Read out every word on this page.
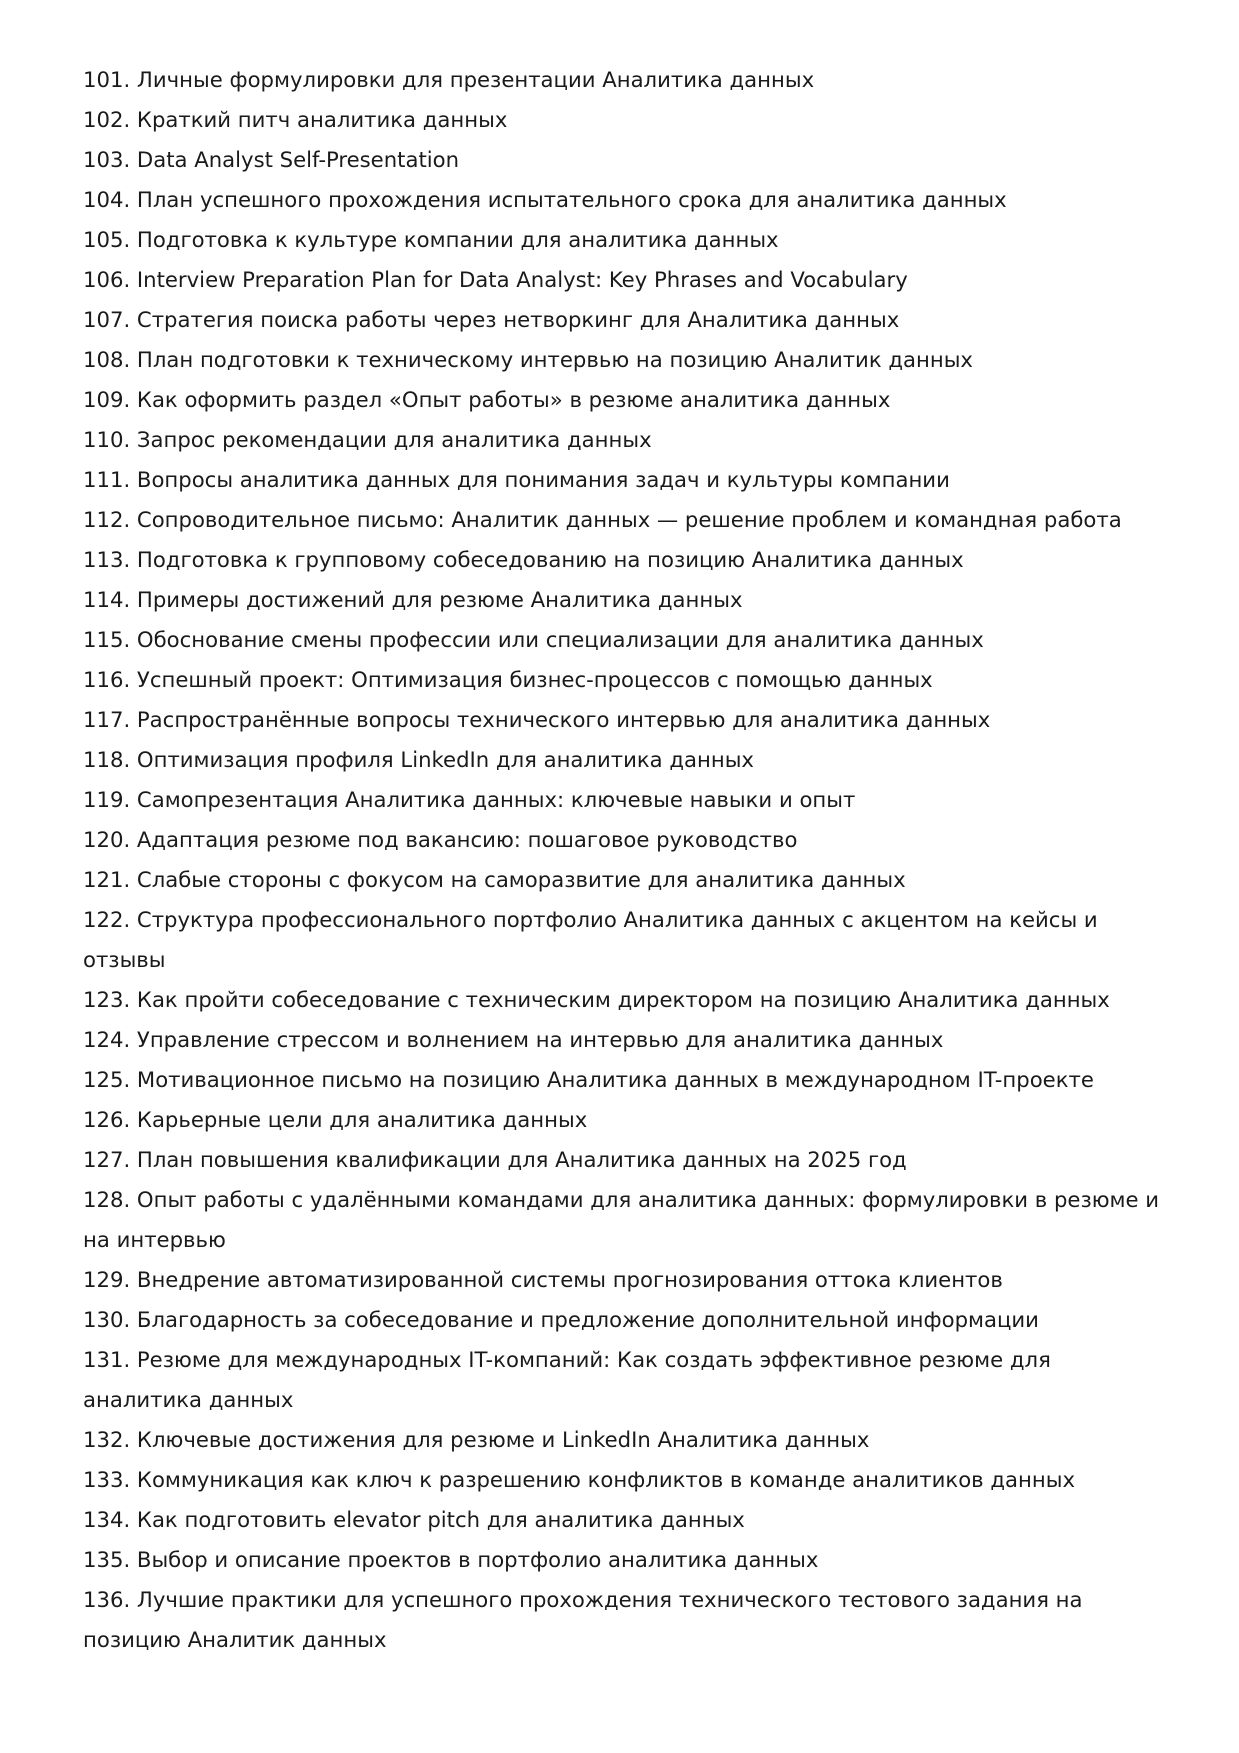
101. Личные формулировки для презентации Аналитика данных

102. Краткий питч аналитика данных

103. Data Analyst Self-Presentation

104. План успешного прохождения испытательного срока для аналитика данных

105. Подготовка к культуре компании для аналитика данных

106. Interview Preparation Plan for Data Analyst: Key Phrases and Vocabulary

107. Стратегия поиска работы через нетворкинг для Аналитика данных

108. План подготовки к техническому интервью на позицию Аналитик данных

109. Как оформить раздел «Опыт работы» в резюме аналитика данных

110. Запрос рекомендации для аналитика данных

111. Вопросы аналитика данных для понимания задач и культуры компании

112. Сопроводительное письмо: Аналитик данных — решение проблем и командная работа

113. Подготовка к групповому собеседованию на позицию Аналитика данных

114. Примеры достижений для резюме Аналитика данных

115. Обоснование смены профессии или специализации для аналитика данных

116. Успешный проект: Оптимизация бизнес-процессов с помощью данных

117. Распространённые вопросы технического интервью для аналитика данных

118. Оптимизация профиля LinkedIn для аналитика данных

119. Самопрезентация Аналитика данных: ключевые навыки и опыт

120. Адаптация резюме под вакансию: пошаговое руководство

121. Слабые стороны с фокусом на саморазвитие для аналитика данных

122. Структура профессионального портфолио Аналитика данных с акцентом на кейсы и отзывы

123. Как пройти собеседование с техническим директором на позицию Аналитика данных

124. Управление стрессом и волнением на интервью для аналитика данных

125. Мотивационное письмо на позицию Аналитика данных в международном IT-проекте

126. Карьерные цели для аналитика данных

127. План повышения квалификации для Аналитика данных на 2025 год

128. Опыт работы с удалёнными командами для аналитика данных: формулировки в резюме и на интервью

129. Внедрение автоматизированной системы прогнозирования оттока клиентов

130. Благодарность за собеседование и предложение дополнительной информации

131. Резюме для международных IT-компаний: Как создать эффективное резюме для аналитика данных

132. Ключевые достижения для резюме и LinkedIn Аналитика данных

133. Коммуникация как ключ к разрешению конфликтов в команде аналитиков данных

134. Как подготовить elevator pitch для аналитика данных

135. Выбор и описание проектов в портфолио аналитика данных

136. Лучшие практики для успешного прохождения технического тестового задания на позицию Аналитик данных
